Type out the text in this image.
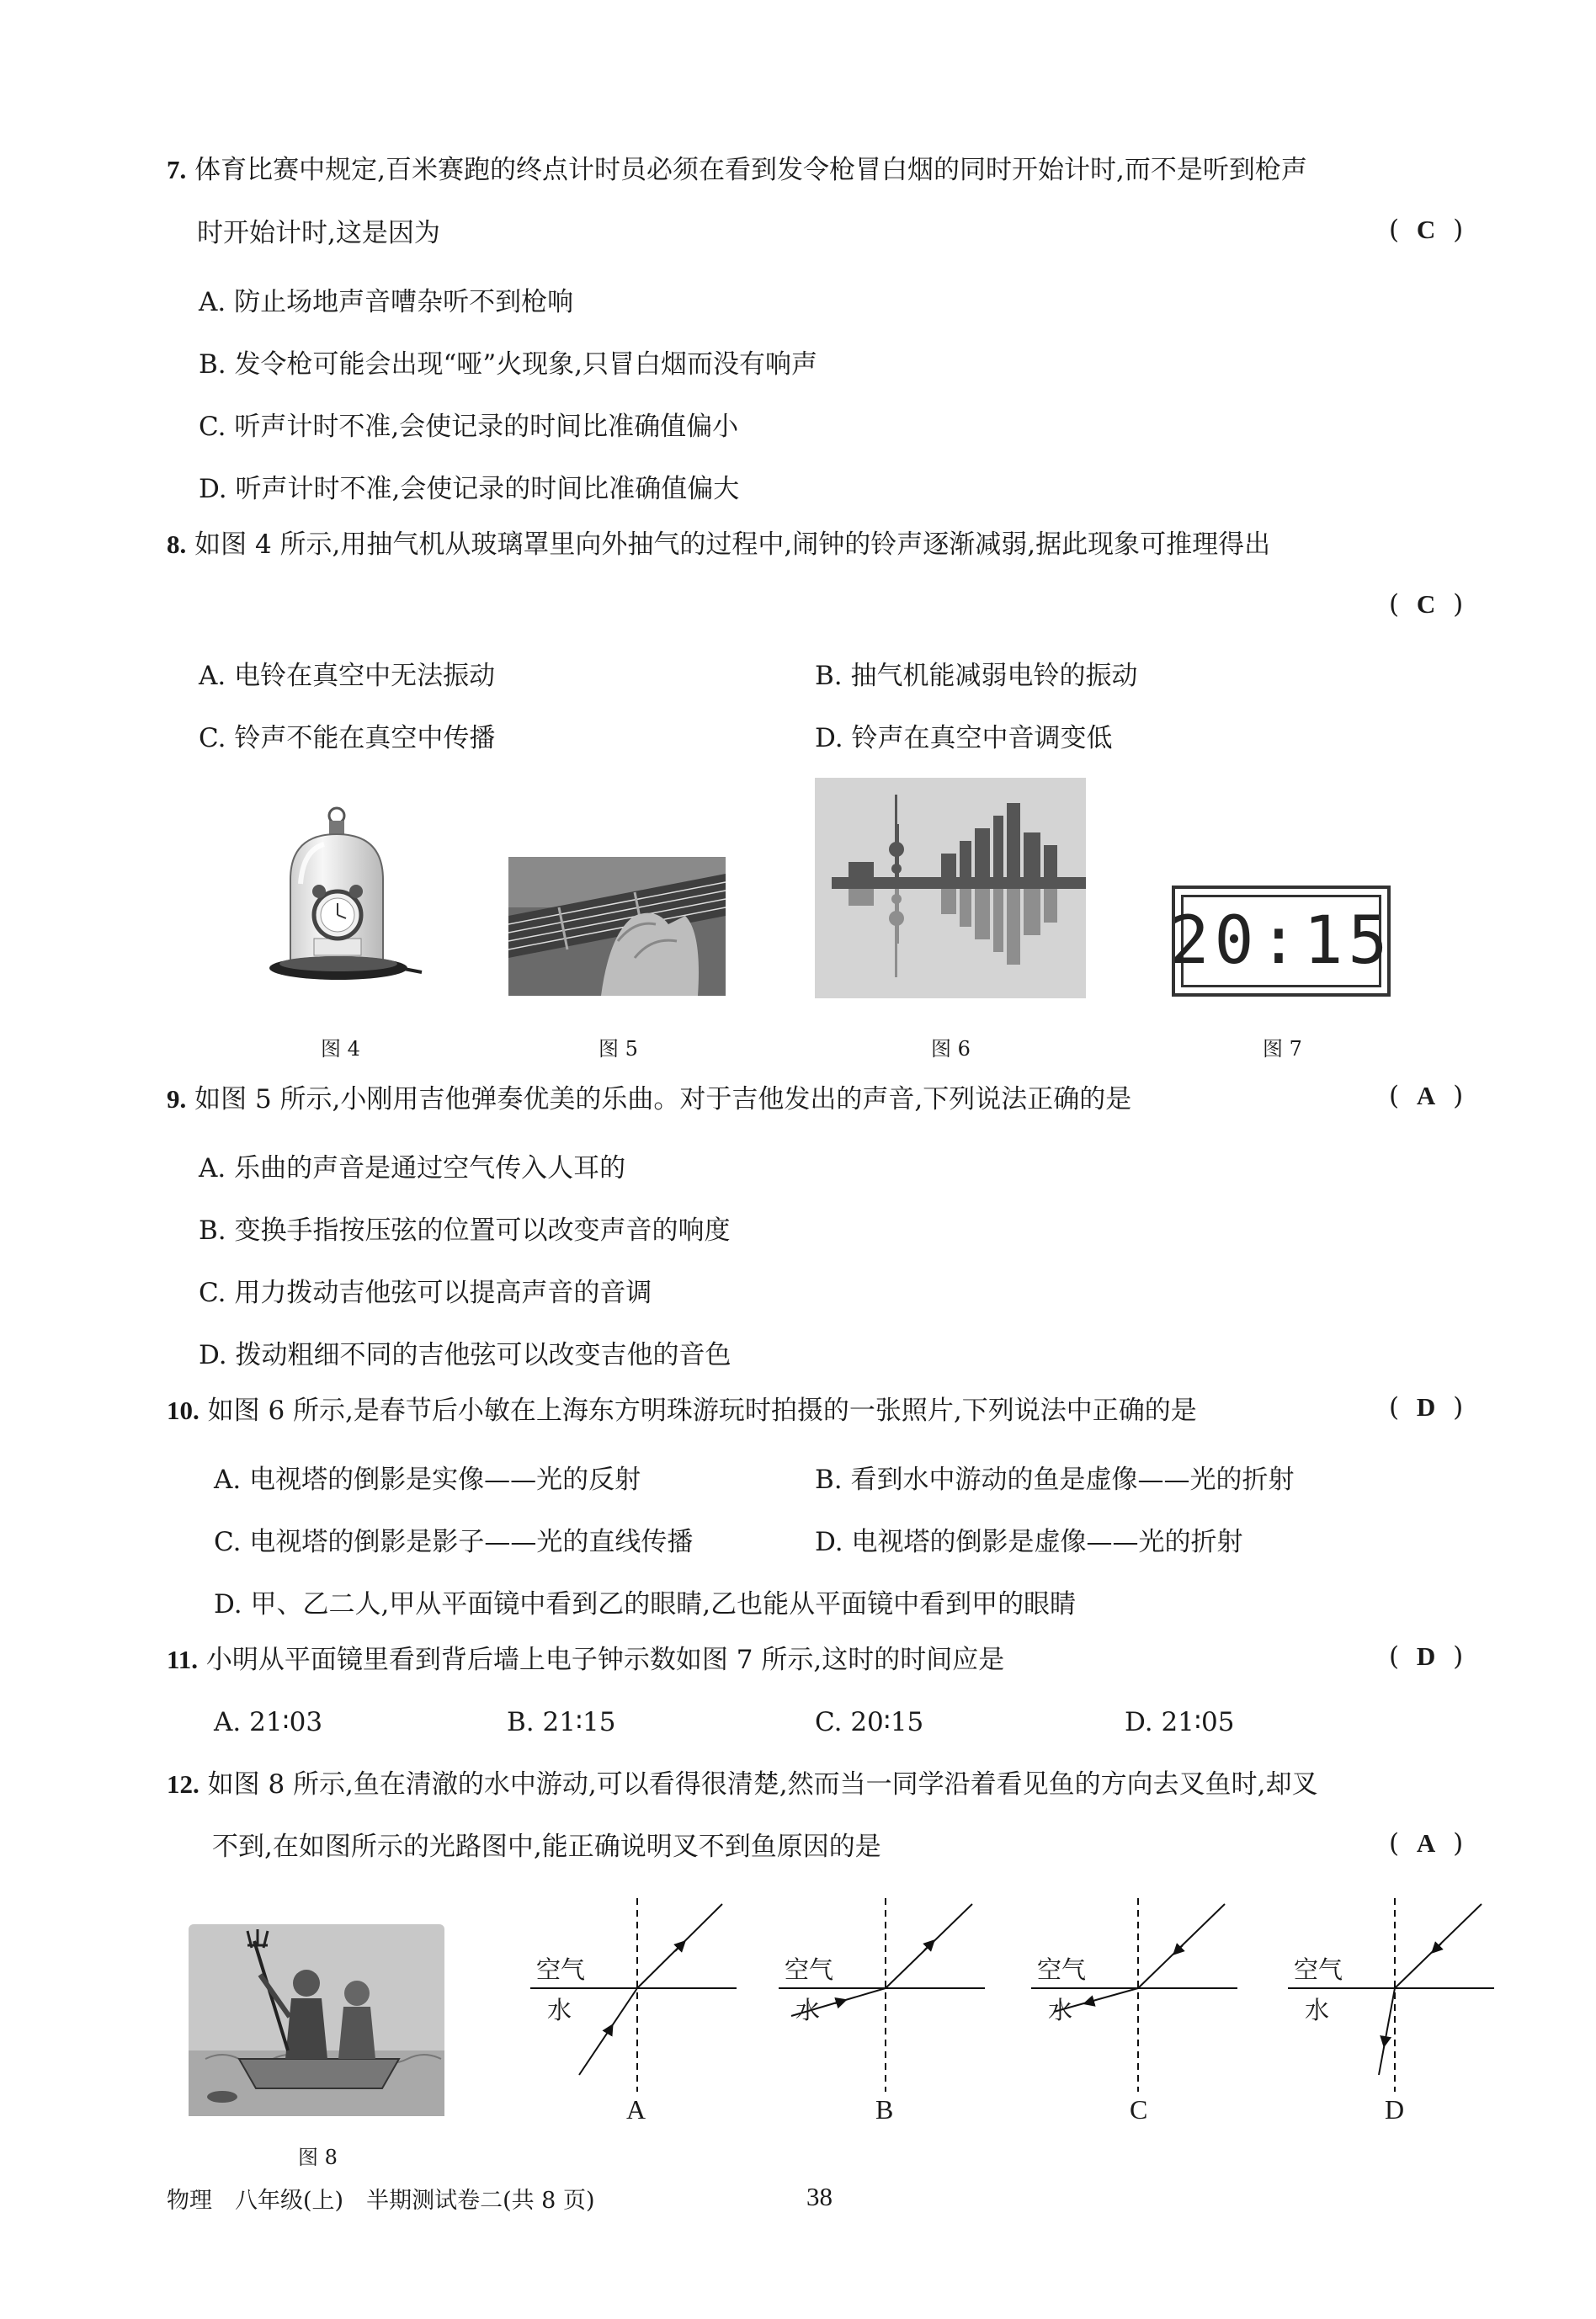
7. 体育比赛中规定,百米赛跑的终点计时员必须在看到发令枪冒白烟的同时开始计时,而不是听到枪声
时开始计时,这是因为	( C )
A. 防止场地声音嘈杂听不到枪响
B. 发令枪可能会出现“哑”火现象,只冒白烟而没有响声
C. 听声计时不准,会使记录的时间比准确值偏小
D. 听声计时不准,会使记录的时间比准确值偏大
8. 如图 4 所示,用抽气机从玻璃罩里向外抽气的过程中,闹钟的铃声逐渐减弱,据此现象可推理得出
( C )
A. 电铃在真空中无法振动	B. 抽气机能减弱电铃的振动
C. 铃声不能在真空中传播	D. 铃声在真空中音调变低
图 4	图 5	图 6
20:15
图 7
9. 如图 5 所示,小刚用吉他弹奏优美的乐曲。对于吉他发出的声音,下列说法正确的是	( A )
A. 乐曲的声音是通过空气传入人耳的
B. 变换手指按压弦的位置可以改变声音的响度
C. 用力拨动吉他弦可以提高声音的音调
D. 拨动粗细不同的吉他弦可以改变吉他的音色
10. 如图 6 所示,是春节后小敏在上海东方明珠游玩时拍摄的一张照片,下列说法中正确的是	( D )
A. 电视塔的倒影是实像——光的反射	B. 看到水中游动的鱼是虚像——光的折射
C. 电视塔的倒影是影子——光的直线传播	D. 电视塔的倒影是虚像——光的折射
D. 甲、乙二人,甲从平面镜中看到乙的眼睛,乙也能从平面镜中看到甲的眼睛
11. 小明从平面镜里看到背后墙上电子钟示数如图 7 所示,这时的时间应是	( D )
A. 21∶03	B. 21∶15	C. 20∶15	D. 21∶05
12. 如图 8 所示,鱼在清澈的水中游动,可以看得很清楚,然而当一同学沿着看见鱼的方向去叉鱼时,却叉
不到,在如图所示的光路图中,能正确说明叉不到鱼原因的是	( A )
图 8
空气
水
空气
水
空气
水
空气
水
A	B	C	D
物理　八年级(上)　半期测试卷二(共 8 页)	38
